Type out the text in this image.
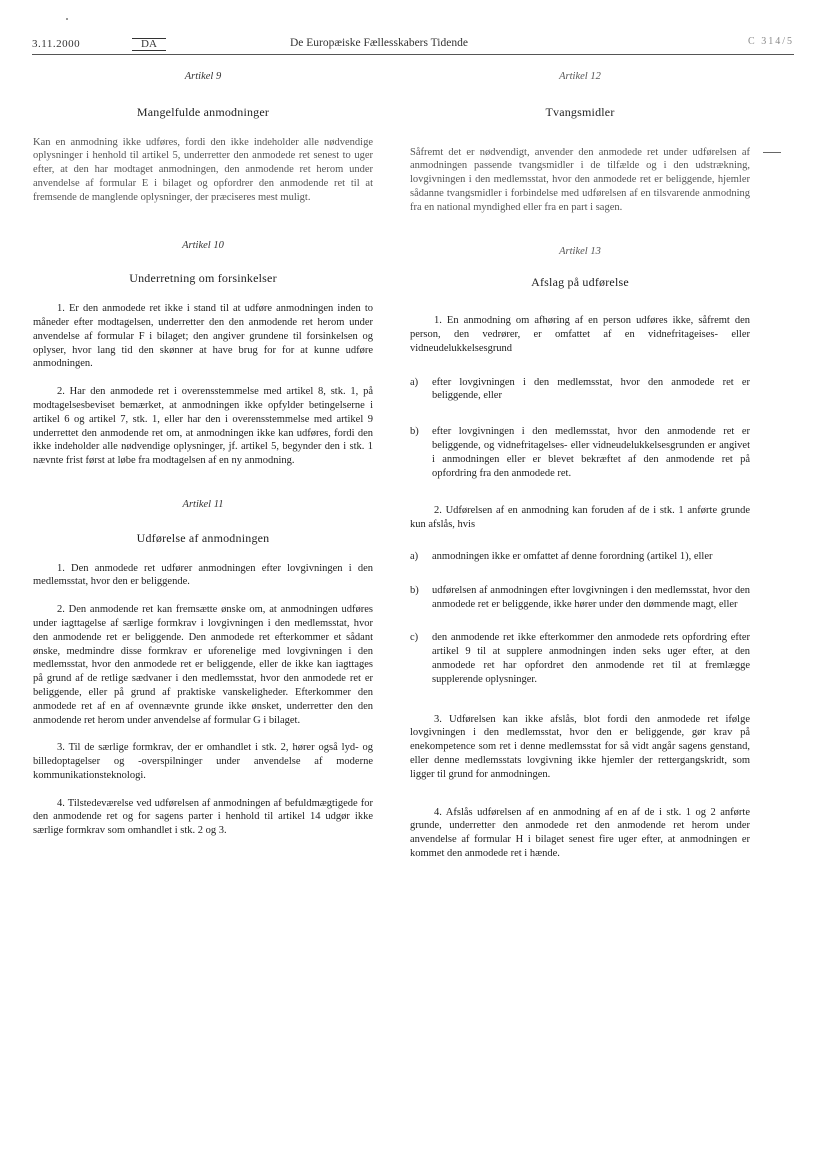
3.11.2000	DA	De Europæiske Fællesskabers Tidende	C 314/5

Artikel 9

Mangelfulde anmodninger

Kan en anmodning ikke udføres, fordi den ikke indeholder alle nødvendige oplysninger i henhold til artikel 5, underretter den anmodede ret senest to uger efter, at den har modtaget anmodningen, den anmodende ret herom under anvendelse af formular E i bilaget og opfordrer den anmodende ret til at fremsende de manglende oplysninger, der præciseres mest muligt.

Artikel 10

Underretning om forsinkelser

1. Er den anmodede ret ikke i stand til at udføre anmodningen inden to måneder efter modtagelsen, underretter den den anmodende ret herom under anvendelse af formular F i bilaget; den angiver grundene til forsinkelsen og oplyser, hvor lang tid den skønner at have brug for for at kunne udføre anmodningen.

2. Har den anmodede ret i overensstemmelse med artikel 8, stk. 1, på modtagelsesbeviset bemærket, at anmodningen ikke opfylder betingelserne i artikel 6 og artikel 7, stk. 1, eller har den i overensstemmelse med artikel 9 underrettet den anmodende ret om, at anmodningen ikke kan udføres, fordi den ikke indeholder alle nødvendige oplysninger, jf. artikel 5, begynder den i stk. 1 nævnte frist først at løbe fra modtagelsen af en ny anmodning.

Artikel 11

Udførelse af anmodningen

1. Den anmodede ret udfører anmodningen efter lovgivningen i den medlemsstat, hvor den er beliggende.

2. Den anmodende ret kan fremsætte ønske om, at anmodningen udføres under iagttagelse af særlige formkrav i lovgivningen i den medlemsstat, hvor den anmodende ret er beliggende. Den anmodede ret efterkommer et sådant ønske, medmindre disse formkrav er uforenelige med lovgivningen i den medlemsstat, hvor den anmodede ret er beliggende, eller de ikke kan iagttages på grund af de retlige sædvaner i den medlemsstat, hvor den anmodede ret er beliggende, eller på grund af praktiske vanskeligheder. Efterkommer den anmodede ret af en af ovennævnte grunde ikke ønsket, underretter den den anmodende ret herom under anvendelse af formular G i bilaget.

3. Til de særlige formkrav, der er omhandlet i stk. 2, hører også lyd- og billedoptagelser og -overspilninger under anvendelse af moderne kommunikationsteknologi.

4. Tilstedeværelse ved udførelsen af anmodningen af befuldmægtigede for den anmodende ret og for sagens parter i henhold til artikel 14 udgør ikke særlige formkrav som omhandlet i stk. 2 og 3.

Artikel 12

Tvangsmidler

Såfremt det er nødvendigt, anvender den anmodede ret under udførelsen af anmodningen passende tvangsmidler i de tilfælde og i den udstrækning, lovgivningen i den medlemsstat, hvor den anmodede ret er beliggende, hjemler sådanne tvangsmidler i forbindelse med udførelsen af en tilsvarende anmodning fra en national myndighed eller fra en part i sagen.

Artikel 13

Afslag på udførelse

1. En anmodning om afhøring af en person udføres ikke, såfremt den person, den vedrører, er omfattet af en vidnefritageises- eller vidneudelukkelsesgrund

a)	efter lovgivningen i den medlemsstat, hvor den anmodede ret er beliggende, eller
b)	efter lovgivningen i den medlemsstat, hvor den anmodende ret er beliggende, og vidnefritagelses- eller vidneudelukkelsesgrunden er angivet i anmodningen eller er blevet bekræftet af den anmodende ret på opfordring fra den anmodede ret.

2. Udførelsen af en anmodning kan foruden af de i stk. 1 anførte grunde kun afslås, hvis

a)	anmodningen ikke er omfattet af denne forordning (artikel 1), eller
b)	udførelsen af anmodningen efter lovgivningen i den medlemsstat, hvor den anmodede ret er beliggende, ikke hører under den dømmende magt, eller
c)	den anmodende ret ikke efterkommer den anmodede rets opfordring efter artikel 9 til at supplere anmodningen inden seks uger efter, at den anmodede ret har opfordret den anmodende ret til at fremlægge supplerende oplysninger.

3. Udførelsen kan ikke afslås, blot fordi den anmodede ret ifølge lovgivningen i den medlemsstat, hvor den er beliggende, gør krav på enekompetence som ret i denne medlemsstat for så vidt angår sagens genstand, eller denne medlemsstats lovgivning ikke hjemler der rettergangskridt, som ligger til grund for anmodningen.

4. Afslås udførelsen af en anmodning af en af de i stk. 1 og 2 anførte grunde, underretter den anmodede ret den anmodende ret herom under anvendelse af formular H i bilaget senest fire uger efter, at anmodningen er kommet den anmodede ret i hænde.
